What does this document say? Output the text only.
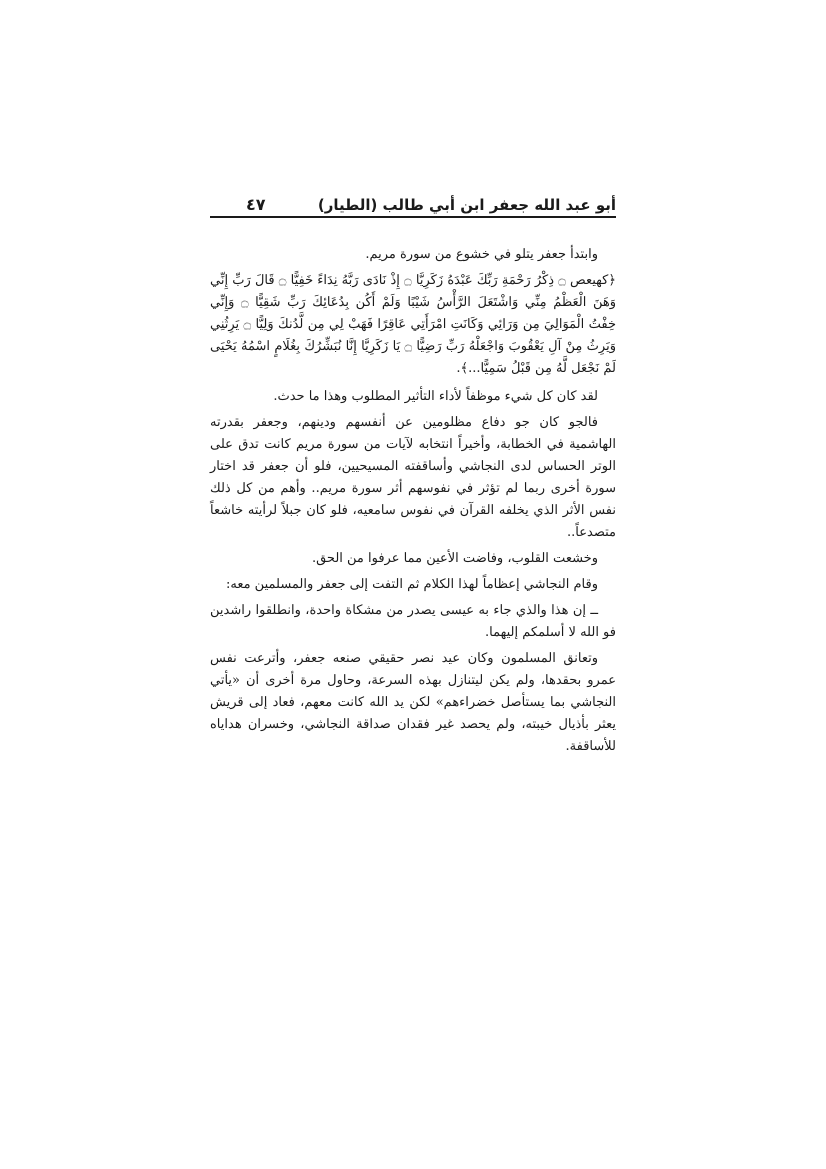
أبو عبد الله جعفر ابن أبي طالب (الطيار)
٤٧

وابتدأ جعفر يتلو في خشوع من سورة مريم.

﴿كهيعص ۝ ذِكْرُ رَحْمَةِ رَبِّكَ عَبْدَهُ زَكَرِيَّا ۝ إِذْ نَادَى رَبَّهُ نِدَاءً خَفِيًّا ۝ قَالَ رَبِّ إِنِّي وَهَنَ الْعَظْمُ مِنِّي وَاشْتَعَلَ الرَّأْسُ شَيْبًا وَلَمْ أَكُن بِدُعَائِكَ رَبِّ شَقِيًّا ۝ وَإِنِّي خِفْتُ الْمَوَالِيَ مِن وَرَائِي وَكَانَتِ امْرَأَتِي عَاقِرًا فَهَبْ لِي مِن لَّدُنكَ وَلِيًّا ۝ يَرِثُنِي وَيَرِثُ مِنْ آلِ يَعْقُوبَ وَاجْعَلْهُ رَبِّ رَضِيًّا ۝ يَا زَكَرِيَّا إِنَّا نُبَشِّرُكَ بِغُلَامٍ اسْمُهُ يَحْيَى لَمْ نَجْعَل لَّهُ مِن قَبْلُ سَمِيًّا...﴾.

لقد كان كل شيء موظفاً لأداء التأثير المطلوب وهذا ما حدث.

فالجو كان جو دفاع مظلومين عن أنفسهم ودينهم، وجعفر بقدرته الهاشمية في الخطابة، وأخيراً انتخابه لآيات من سورة مريم كانت تدق على الوتر الحساس لدى النجاشي وأساقفته المسيحيين، فلو أن جعفر قد اختار سورة أخرى ربما لم تؤثر في نفوسهم أثر سورة مريم.. وأهم من كل ذلك نفس الأثر الذي يخلفه القرآن في نفوس سامعيه، فلو كان جبلاً لرأيته خاشعاً متصدعاً..

وخشعت القلوب، وفاضت الأعين مما عرفوا من الحق.

وقام النجاشي إعظاماً لهذا الكلام ثم التفت إلى جعفر والمسلمين معه:

ــ إن هذا والذي جاء به عيسى يصدر من مشكاة واحدة، وانطلقوا راشدين فو الله لا أسلمكم إليهما.

وتعانق المسلمون وكان عيد نصر حقيقي صنعه جعفر، وأترعت نفس عمرو بحقدها، ولم يكن ليتنازل بهذه السرعة، وحاول مرة أخرى أن «يأتي النجاشي بما يستأصل خضراءهم» لكن يد الله كانت معهم، فعاد إلى قريش يعثر بأذيال خيبته، ولم يحصد غير فقدان صداقة النجاشي، وخسران هداياه للأساقفة.
